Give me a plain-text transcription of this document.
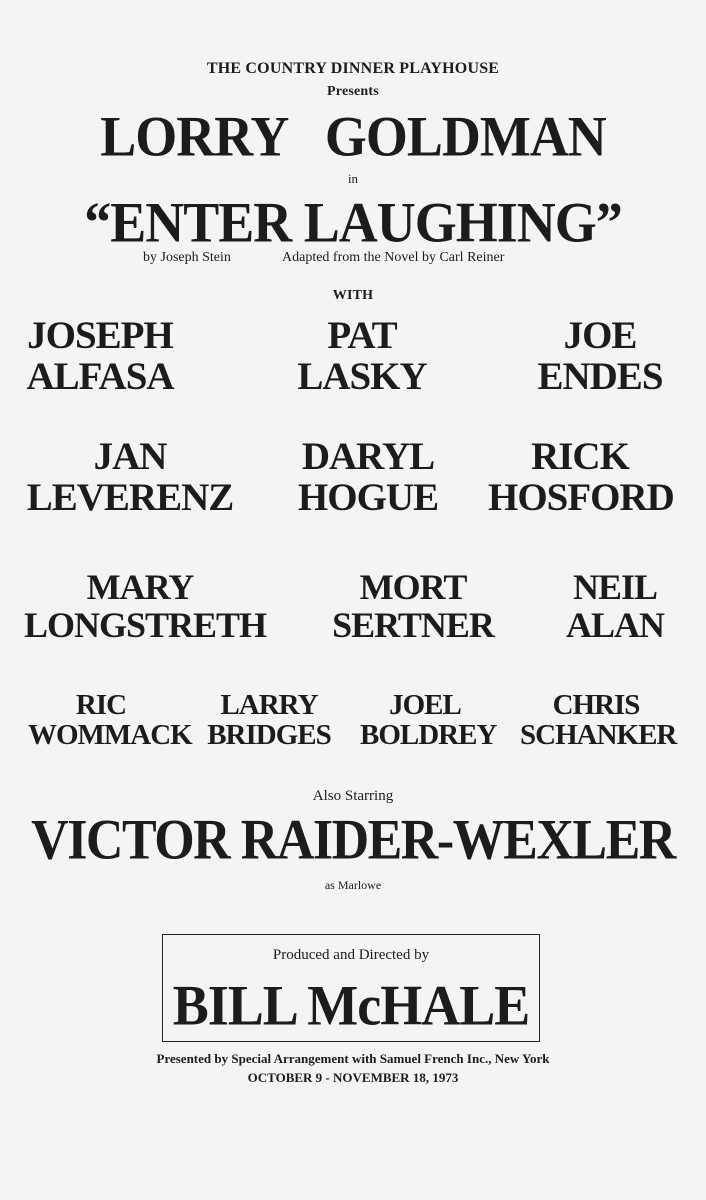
THE COUNTRY DINNER PLAYHOUSE
Presents
LORRY GOLDMAN
in
“ENTER LAUGHING”
by Joseph Stein	Adapted from the Novel by Carl Reiner
WITH
JOSEPH
ALFASA
PAT
LASKY
JOE
ENDES
JAN
LEVERENZ
DARYL
HOGUE
RICK
HOSFORD
MARY
LONGSTRETH
MORT
SERTNER
NEIL
ALAN
RIC
WOMMACK
LARRY
BRIDGES
JOEL
BOLDREY
CHRIS
SCHANKER
Also Starring
VICTOR RAIDER-WEXLER
as Marlowe
Produced and Directed by
BILL McHALE
Presented by Special Arrangement with Samuel French Inc., New York
OCTOBER 9 - NOVEMBER 18, 1973
